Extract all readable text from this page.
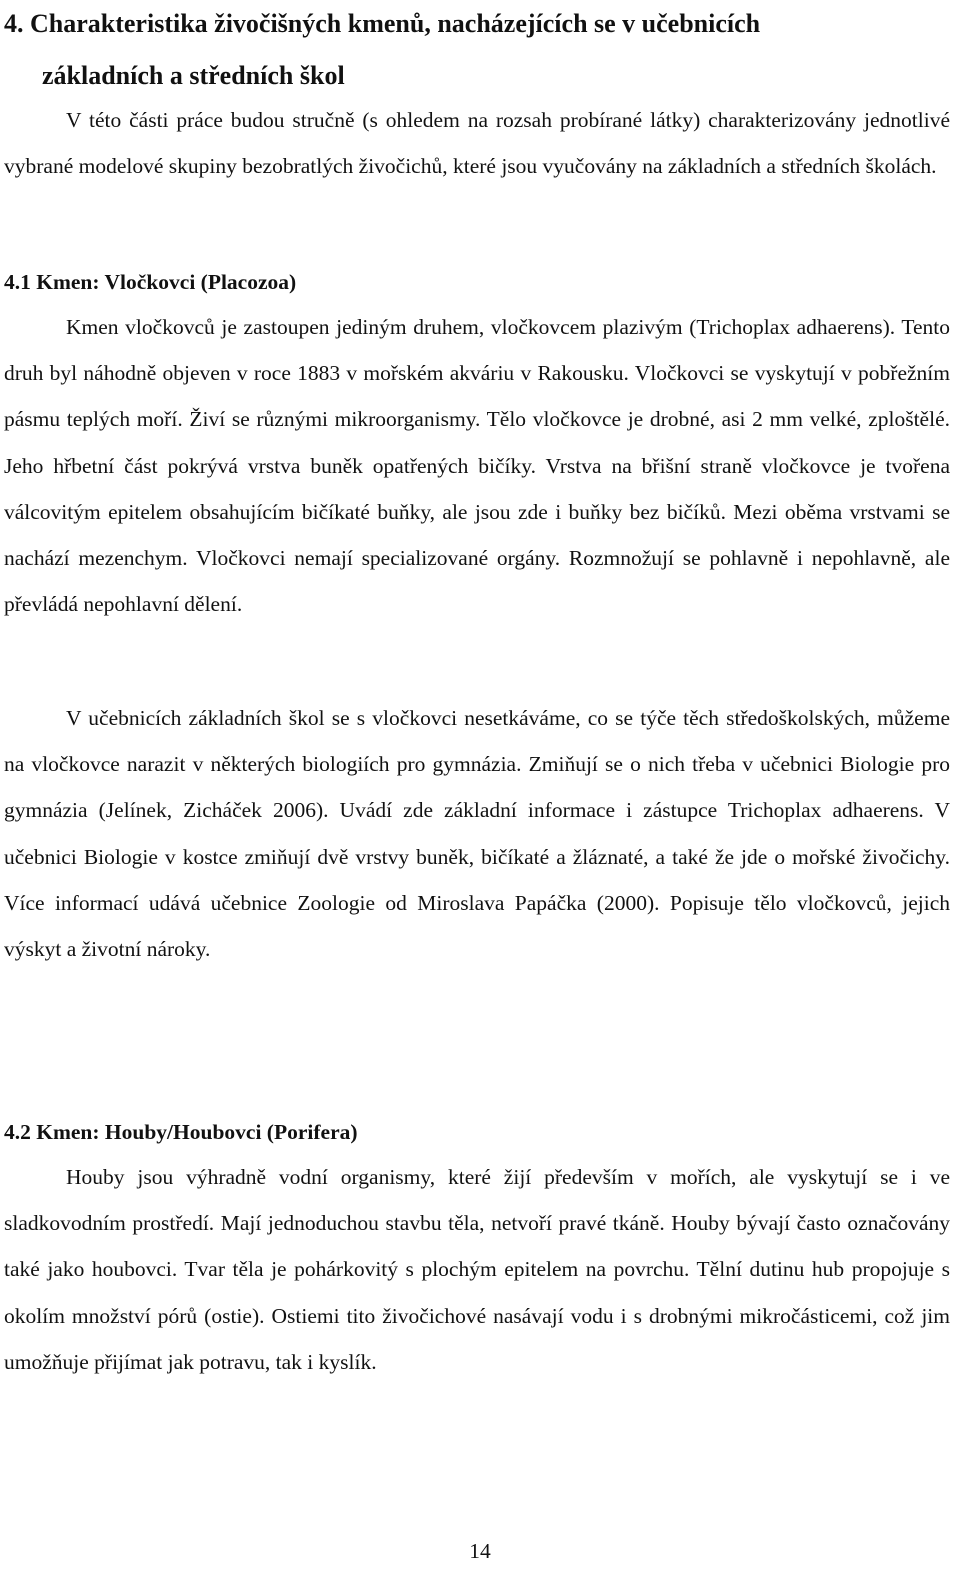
4. Charakteristika živočišných kmenů, nacházejících se v učebnicích
základních a středních škol

V této části práce budou stručně (s ohledem na rozsah probírané látky) charakterizovány jednotlivé vybrané modelové skupiny bezobratlých živočichů, které jsou vyučovány na základních a středních školách.

4.1 Kmen: Vločkovci (Placozoa)

Kmen vločkovců je zastoupen jediným druhem, vločkovcem plazivým (Trichoplax adhaerens). Tento druh byl náhodně objeven v roce 1883 v mořském akváriu v Rakousku. Vločkovci se vyskytují v pobřežním pásmu teplých moří. Živí se různými mikroorganismy. Tělo vločkovce je drobné, asi 2 mm velké, zploštělé. Jeho hřbetní část pokrývá vrstva buněk opatřených bičíky. Vrstva na břišní straně vločkovce je tvořena válcovitým epitelem obsahujícím bičíkaté buňky, ale jsou zde i buňky bez bičíků. Mezi oběma vrstvami se nachází mezenchym. Vločkovci nemají specializované orgány. Rozmnožují se pohlavně i nepohlavně, ale převládá nepohlavní dělení.

V učebnicích základních škol se s vločkovci nesetkáváme, co se týče těch středoškolských, můžeme na vločkovce narazit v některých biologiích pro gymnázia. Zmiňují se o nich třeba v učebnici Biologie pro gymnázia (Jelínek, Zicháček 2006). Uvádí zde základní informace i zástupce Trichoplax adhaerens. V učebnici Biologie v kostce zmiňují dvě vrstvy buněk, bičíkaté a žláznaté, a také že jde o mořské živočichy. Více informací udává učebnice Zoologie od Miroslava Papáčka (2000). Popisuje tělo vločkovců, jejich výskyt a životní nároky.

4.2 Kmen: Houby/Houbovci (Porifera)

Houby jsou výhradně vodní organismy, které žijí především v mořích, ale vyskytují se i ve sladkovodním prostředí. Mají jednoduchou stavbu těla, netvoří pravé tkáně. Houby bývají často označovány také jako houbovci. Tvar těla je pohárkovitý s plochým epitelem na povrchu. Tělní dutinu hub propojuje s okolím množství pórů (ostie). Ostiemi tito živočichové nasávají vodu i s drobnými mikročásticemi, což jim umožňuje přijímat jak potravu, tak i kyslík.

14
